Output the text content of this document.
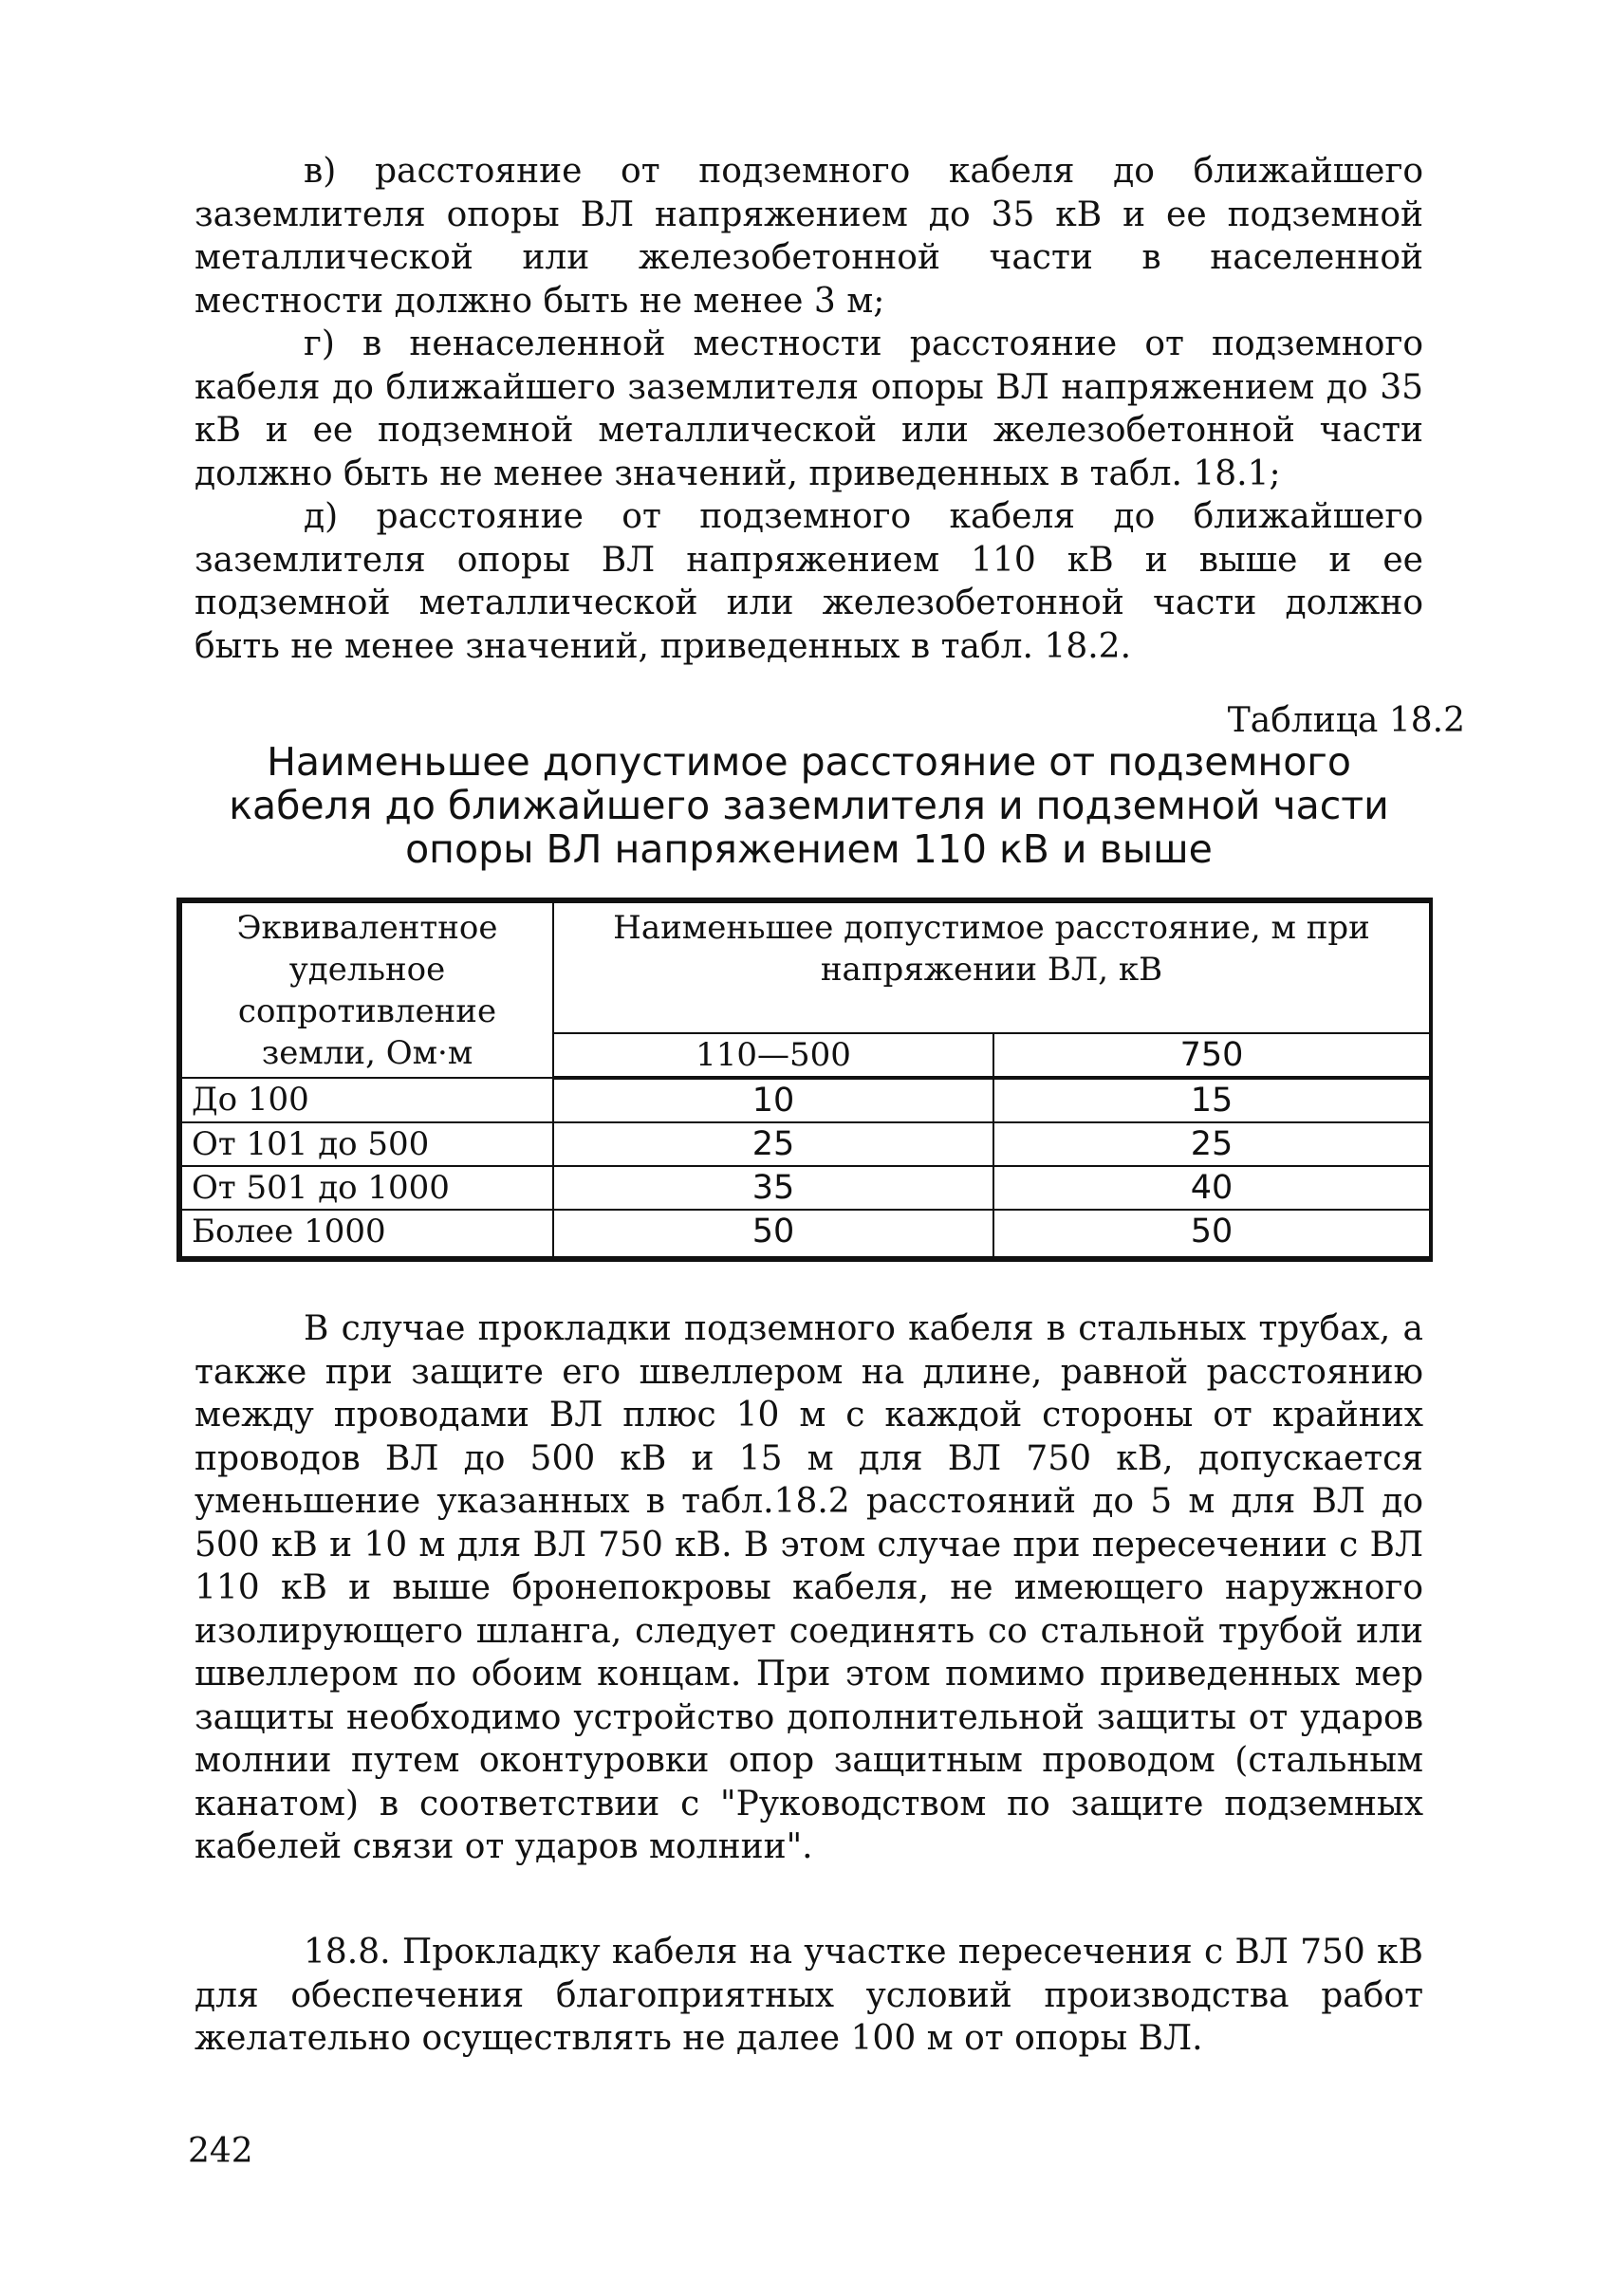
в) расстояние от подземного кабеля до ближайшего заземлителя опоры ВЛ напряжением до 35 кВ и ее подземной металлической или железобетонной части в населенной местности должно быть не менее 3 м;

г) в ненаселенной местности расстояние от подземного кабеля до ближайшего заземлителя опоры ВЛ напряжением до 35 кВ и ее подземной металлической или железобетонной части должно быть не менее значений, приведенных в табл. 18.1;

д) расстояние от подземного кабеля до ближайшего заземлителя опоры ВЛ напряжением 110 кВ и выше и ее подземной металлической или железобетонной части должно быть не менее значений, приведенных в табл. 18.2.

Таблица 18.2

Наименьшее допустимое расстояние от подземного кабеля до ближайшего заземлителя и подземной части опоры ВЛ напряжением 110 кВ и выше

Эквивалентное удельное сопротивление земли, Ом·м	Наименьшее допустимое расстояние, м при напряжении ВЛ, кВ	
	110—500	750
До 100	10	15
От 101 до 500	25	25
От 501 до 1000	35	40
Более 1000	50	50

В случае прокладки подземного кабеля в стальных трубах, а также при защите его швеллером на длине, равной расстоянию между проводами ВЛ плюс 10 м с каждой стороны от крайних проводов ВЛ до 500 кВ и 15 м для ВЛ 750 кВ, допускается уменьшение указанных в табл.18.2 расстояний до 5 м для ВЛ до 500 кВ и 10 м для ВЛ 750 кВ. В этом случае при пересечении с ВЛ 110 кВ и выше бронепокровы кабеля, не имеющего наружного изолирующего шланга, следует соединять со стальной трубой или швеллером по обоим концам. При этом помимо приведенных мер защиты необходимо устройство дополнительной защиты от ударов молнии путем оконтуровки опор защитным проводом (стальным канатом) в соответствии с "Руководством по защите подземных кабелей связи от ударов молнии".

18.8. Прокладку кабеля на участке пересечения с ВЛ 750 кВ для обеспечения благоприятных условий производства работ желательно осуществлять не далее 100 м от опоры ВЛ.

242
